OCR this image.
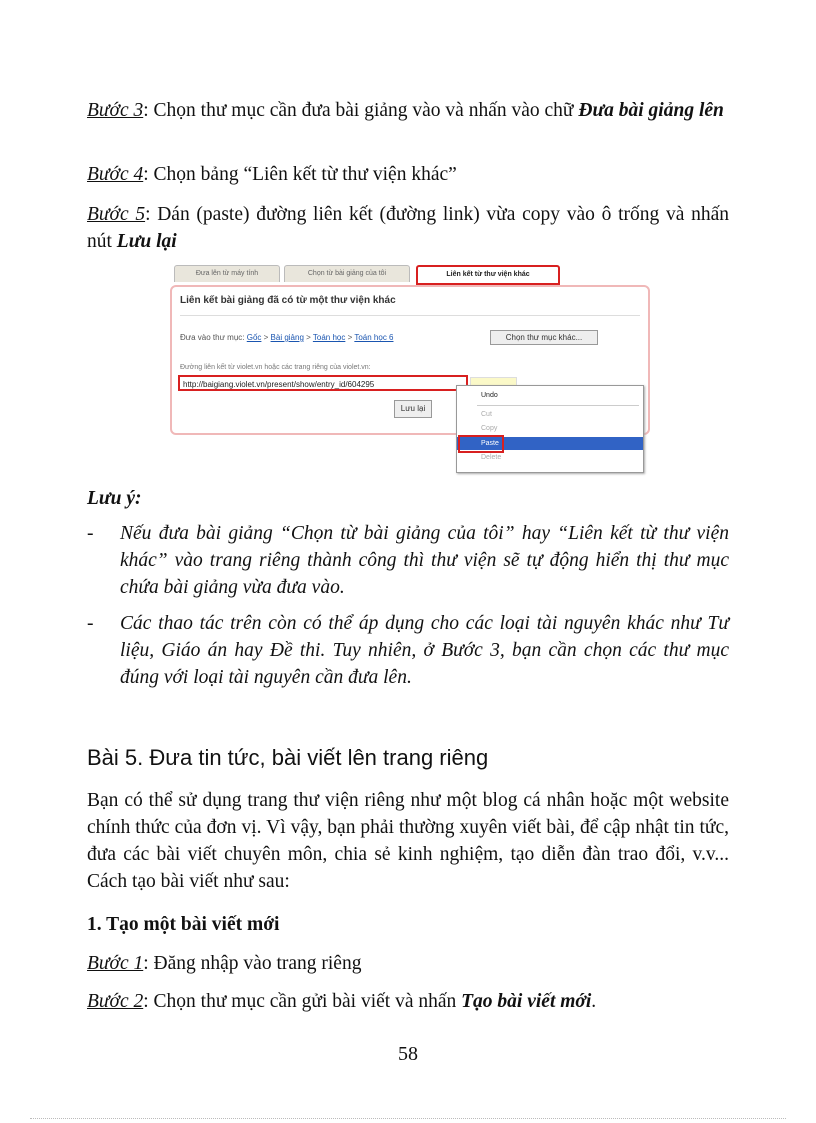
Bước 3: Chọn thư mục cần đưa bài giảng vào và nhấn vào chữ Đưa bài giảng lên
Bước 4: Chọn bảng “Liên kết từ thư viện khác”
Bước 5: Dán (paste) đường liên kết (đường link) vừa copy vào ô trống và nhấn nút Lưu lại
Đưa lên từ máy tính	Chọn từ bài giảng của tôi	Liên kết từ thư viện khác
Liên kết bài giảng đã có từ một thư viện khác
Đưa vào thư mục: Gốc > Bài giảng > Toán học > Toán học 6	Chọn thư mục khác...
Đường liên kết từ violet.vn hoặc các trang riêng của violet.vn:
http://baigiang.violet.vn/present/show/entry_id/604295
Lưu lại
Undo
Cut
Copy
Paste
Delete
Lưu ý:
- Nếu đưa bài giảng “Chọn từ bài giảng của tôi” hay “Liên kết từ thư viện khác” vào trang riêng thành công thì thư viện sẽ tự động hiển thị thư mục chứa bài giảng vừa đưa vào.
- Các thao tác trên còn có thể áp dụng cho các loại tài nguyên khác như Tư liệu, Giáo án hay Đề thi. Tuy nhiên, ở Bước 3, bạn cần chọn các thư mục đúng với loại tài nguyên cần đưa lên.
Bài 5. Đưa tin tức, bài viết lên trang riêng
Bạn có thể sử dụng trang thư viện riêng như một blog cá nhân hoặc một website chính thức của đơn vị. Vì vậy, bạn phải thường xuyên viết bài, để cập nhật tin tức, đưa các bài viết chuyên môn, chia sẻ kinh nghiệm, tạo diễn đàn trao đổi, v.v... Cách tạo bài viết như sau:
1. Tạo một bài viết mới
Bước 1: Đăng nhập vào trang riêng
Bước 2: Chọn thư mục cần gửi bài viết và nhấn Tạo bài viết mới.
58
